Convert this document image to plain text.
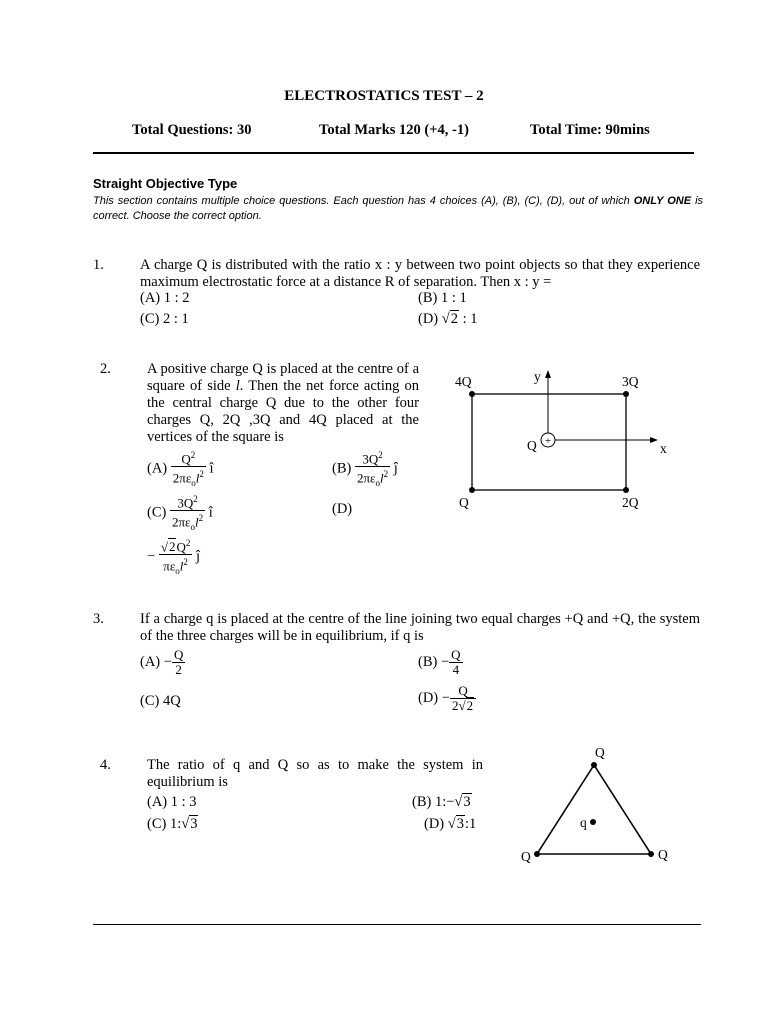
ELECTROSTATICS TEST – 2
Total Questions: 30	Total Marks 120 (+4, -1)	Total Time: 90mins
Straight Objective Type
This section contains multiple choice questions. Each question has 4 choices (A), (B), (C), (D), out of which ONLY ONE is correct. Choose the correct option.
1. A charge Q is distributed with the ratio x : y between two point objects so that they experience maximum electrostatic force at a distance R of separation. Then x : y =
(A) 1 : 2	(B) 1 : 1
(C) 2 : 1	(D) √2 : 1
2. A positive charge Q is placed at the centre of a square of side l. Then the net force acting on the central charge Q due to the other four charges Q, 2Q ,3Q and 4Q placed at the vertices of the square is
$(A) \frac{Q^2}{2\pi\varepsilon_ol^2}$ î	$(B) \frac{3Q^2}{2\pi\varepsilon_ol^2}$ ĵ
$(C) \frac{3Q^2}{2\pi\varepsilon_ol^2}$ î	(D)
− $\frac{√2Q^2}{\pi\varepsilon_ol^2}$ ĵ
+
4Q	3Q
Q	2Q
Q
y
x
3. If a charge q is placed at the centre of the line joining two equal charges +Q and +Q, the system of the three charges will be in equilibrium, if q is
$(A) - \frac{Q}{2}$	$(B) - \frac{Q}{4}$
(C) 4Q	$(D) - \frac{Q}{2√2}$
4. The ratio of q and Q so as to make the system in equilibrium is
(A) 1 : 3	(B) 1:−√3
(C) 1:√3	(D) √3:1
Q
Q	Q
q
